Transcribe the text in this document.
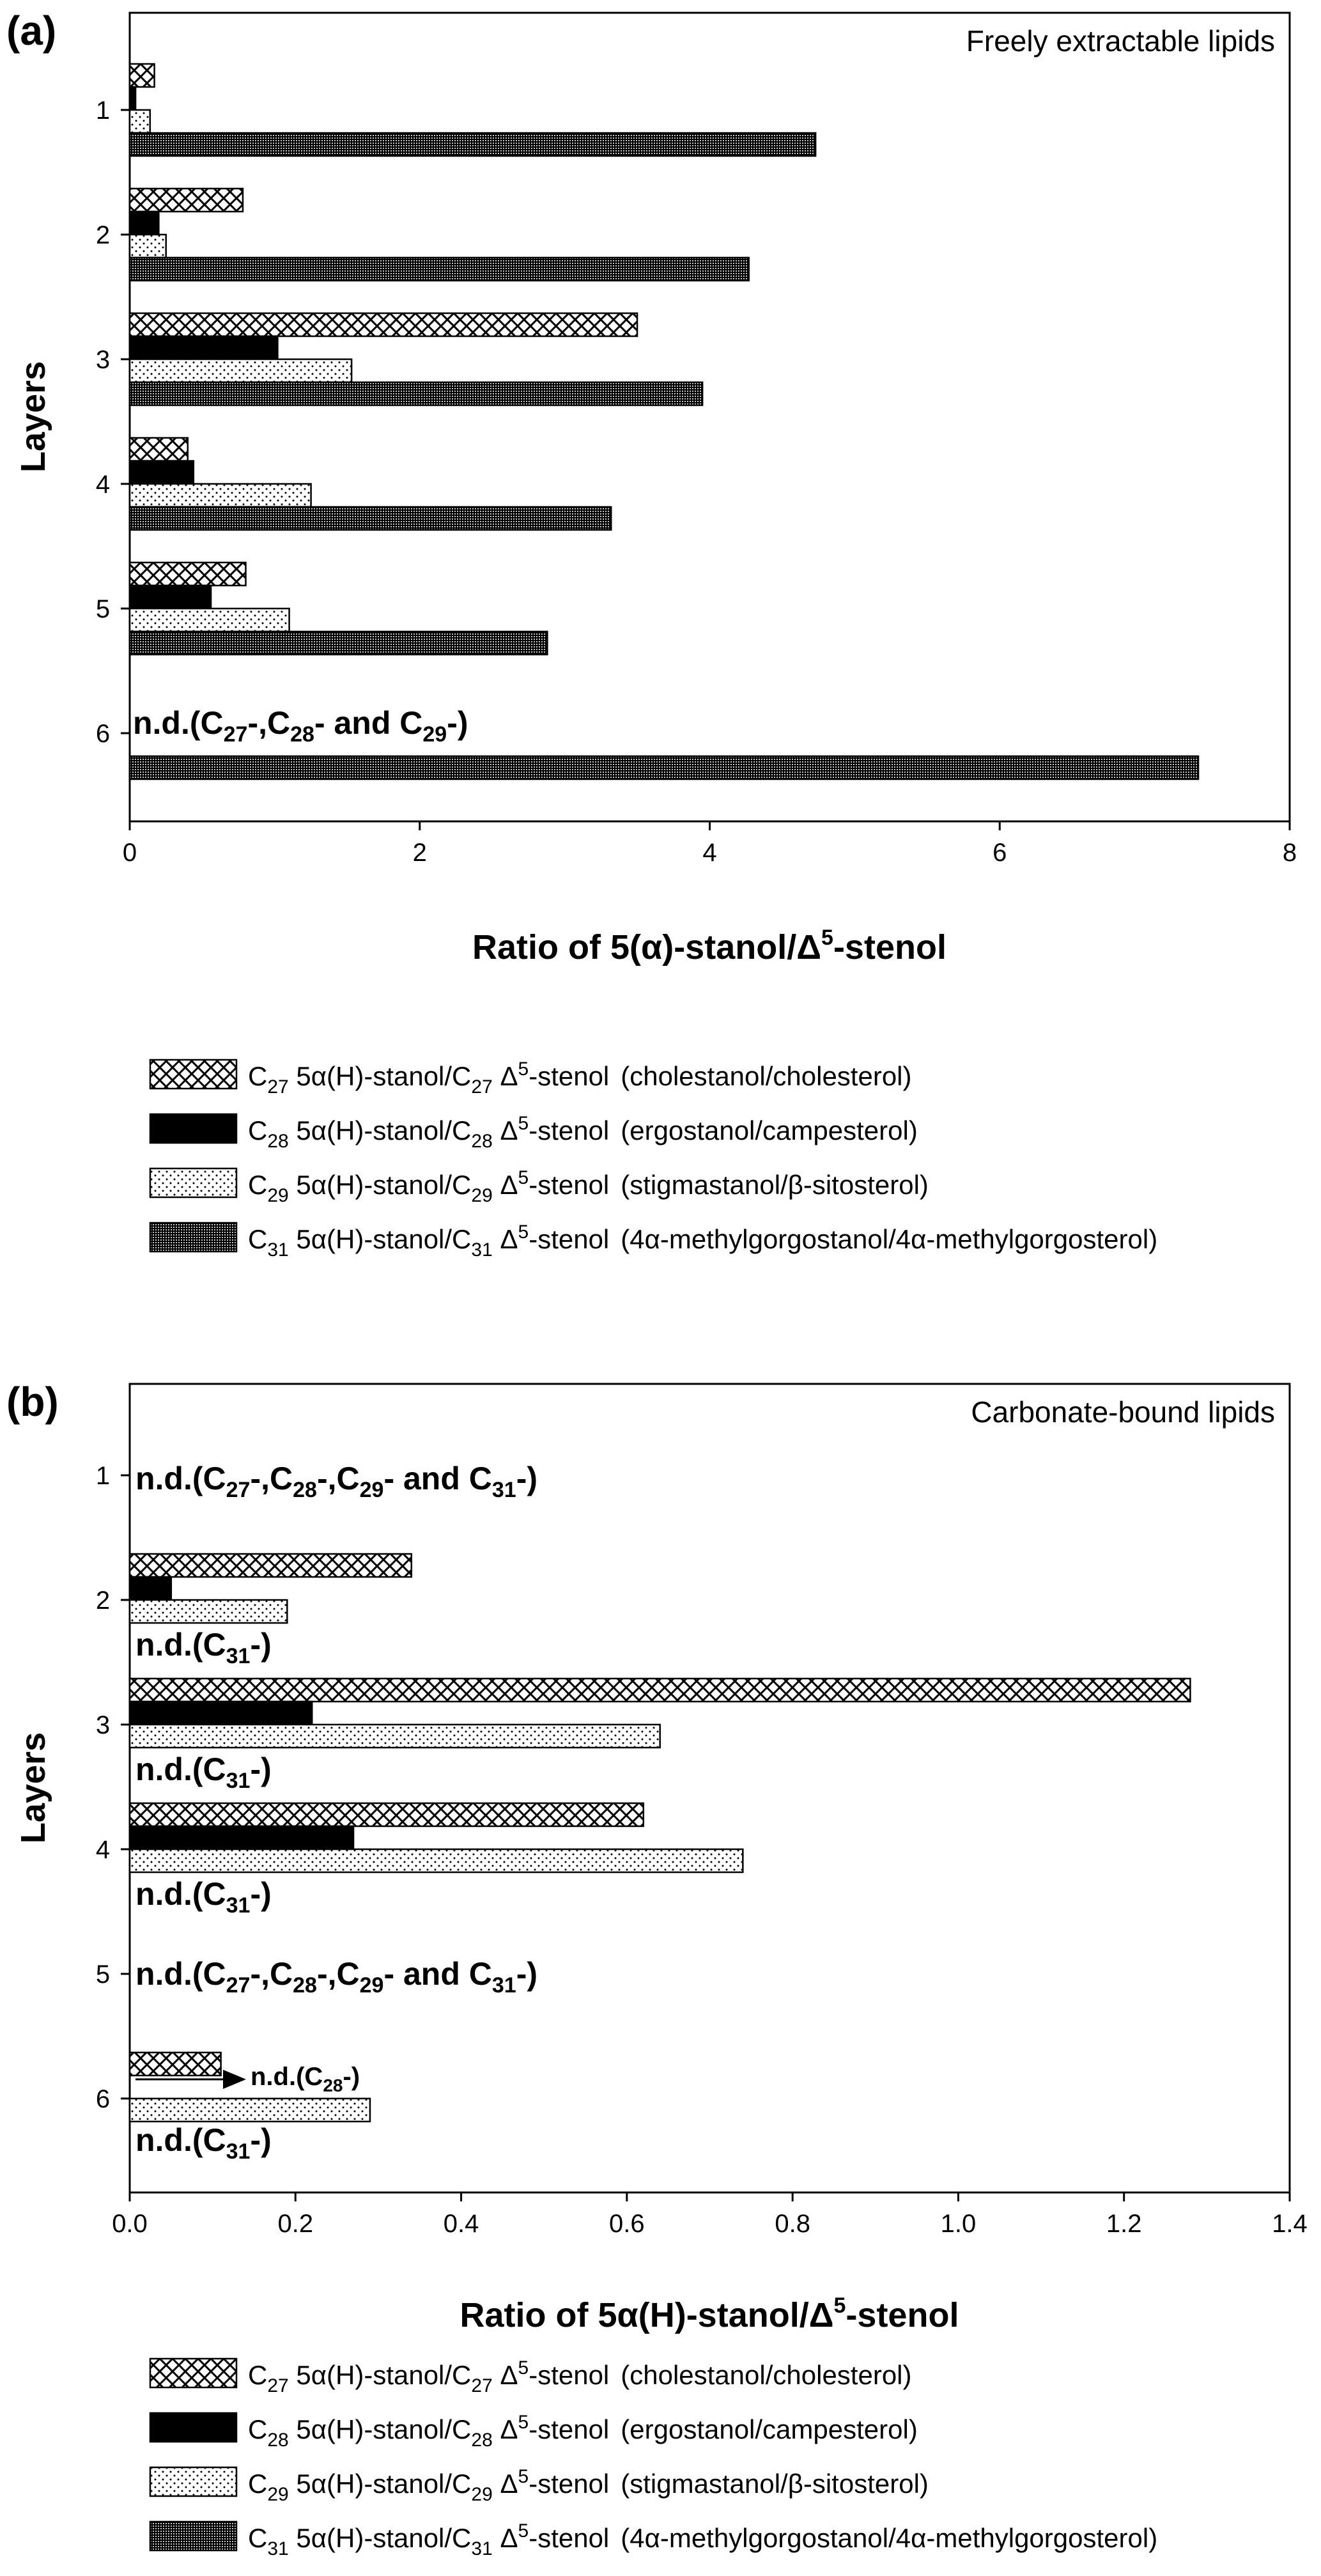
(a)	Freely extractable lipids
0	2	4	6	8
1
2
3
4
5
6
Layers
Ratio of $5(\alpha)-stanol/\Delta^5$-stenol
$n.d.(C_{27}-,C_{28}-$ and $C_{29}-$)
$C_{27}$ $5\alpha(H)-stanol/C_{27}$ $\Delta^5$-stenol (cholestanol/cholesterol)
$C_{28}$ $5\alpha(H)-stanol/C_{28}$ $\Delta^5$-stenol (ergostanol/campesterol)
$C_{29}$ $5\alpha(H)-stanol/C_{29}$ $\Delta^5$-stenol (stigmastanol/β-sitosterol)
$C_{31}$ $5\alpha(H)-stanol/C_{31}$ $\Delta^5$-stenol (4α-methylgorgostanol/4α-methylgorgosterol)
(b)	Carbonate-bound lipids
0.0	0.2	0.4	0.6	0.8	1.0	1.2	1.4
1
2
3
4
5
6
Layers
Ratio of $5\alpha(H)-stanol/\Delta^5$-stenol
$n.d.(C_{27}-,C_{28}-,C_{29}-$ and $C_{31}-$)
$n.d.(C_{31}-)$
$n.d.(C_{31}-)$
$n.d.(C_{31}-)$
$n.d.(C_{27}-,C_{28}-,C_{29}-$ and $C_{31}-$)
$n.d.(C_{28}-)$
$n.d.(C_{31}-)$
$C_{27}$ $5\alpha(H)-stanol/C_{27}$ $\Delta^5$-stenol (cholestanol/cholesterol)
$C_{28}$ $5\alpha(H)-stanol/C_{28}$ $\Delta^5$-stenol (ergostanol/campesterol)
$C_{29}$ $5\alpha(H)-stanol/C_{29}$ $\Delta^5$-stenol (stigmastanol/β-sitosterol)
$C_{31}$ $5\alpha(H)-stanol/C_{31}$ $\Delta^5$-stenol (4α-methylgorgostanol/4α-methylgorgosterol)
